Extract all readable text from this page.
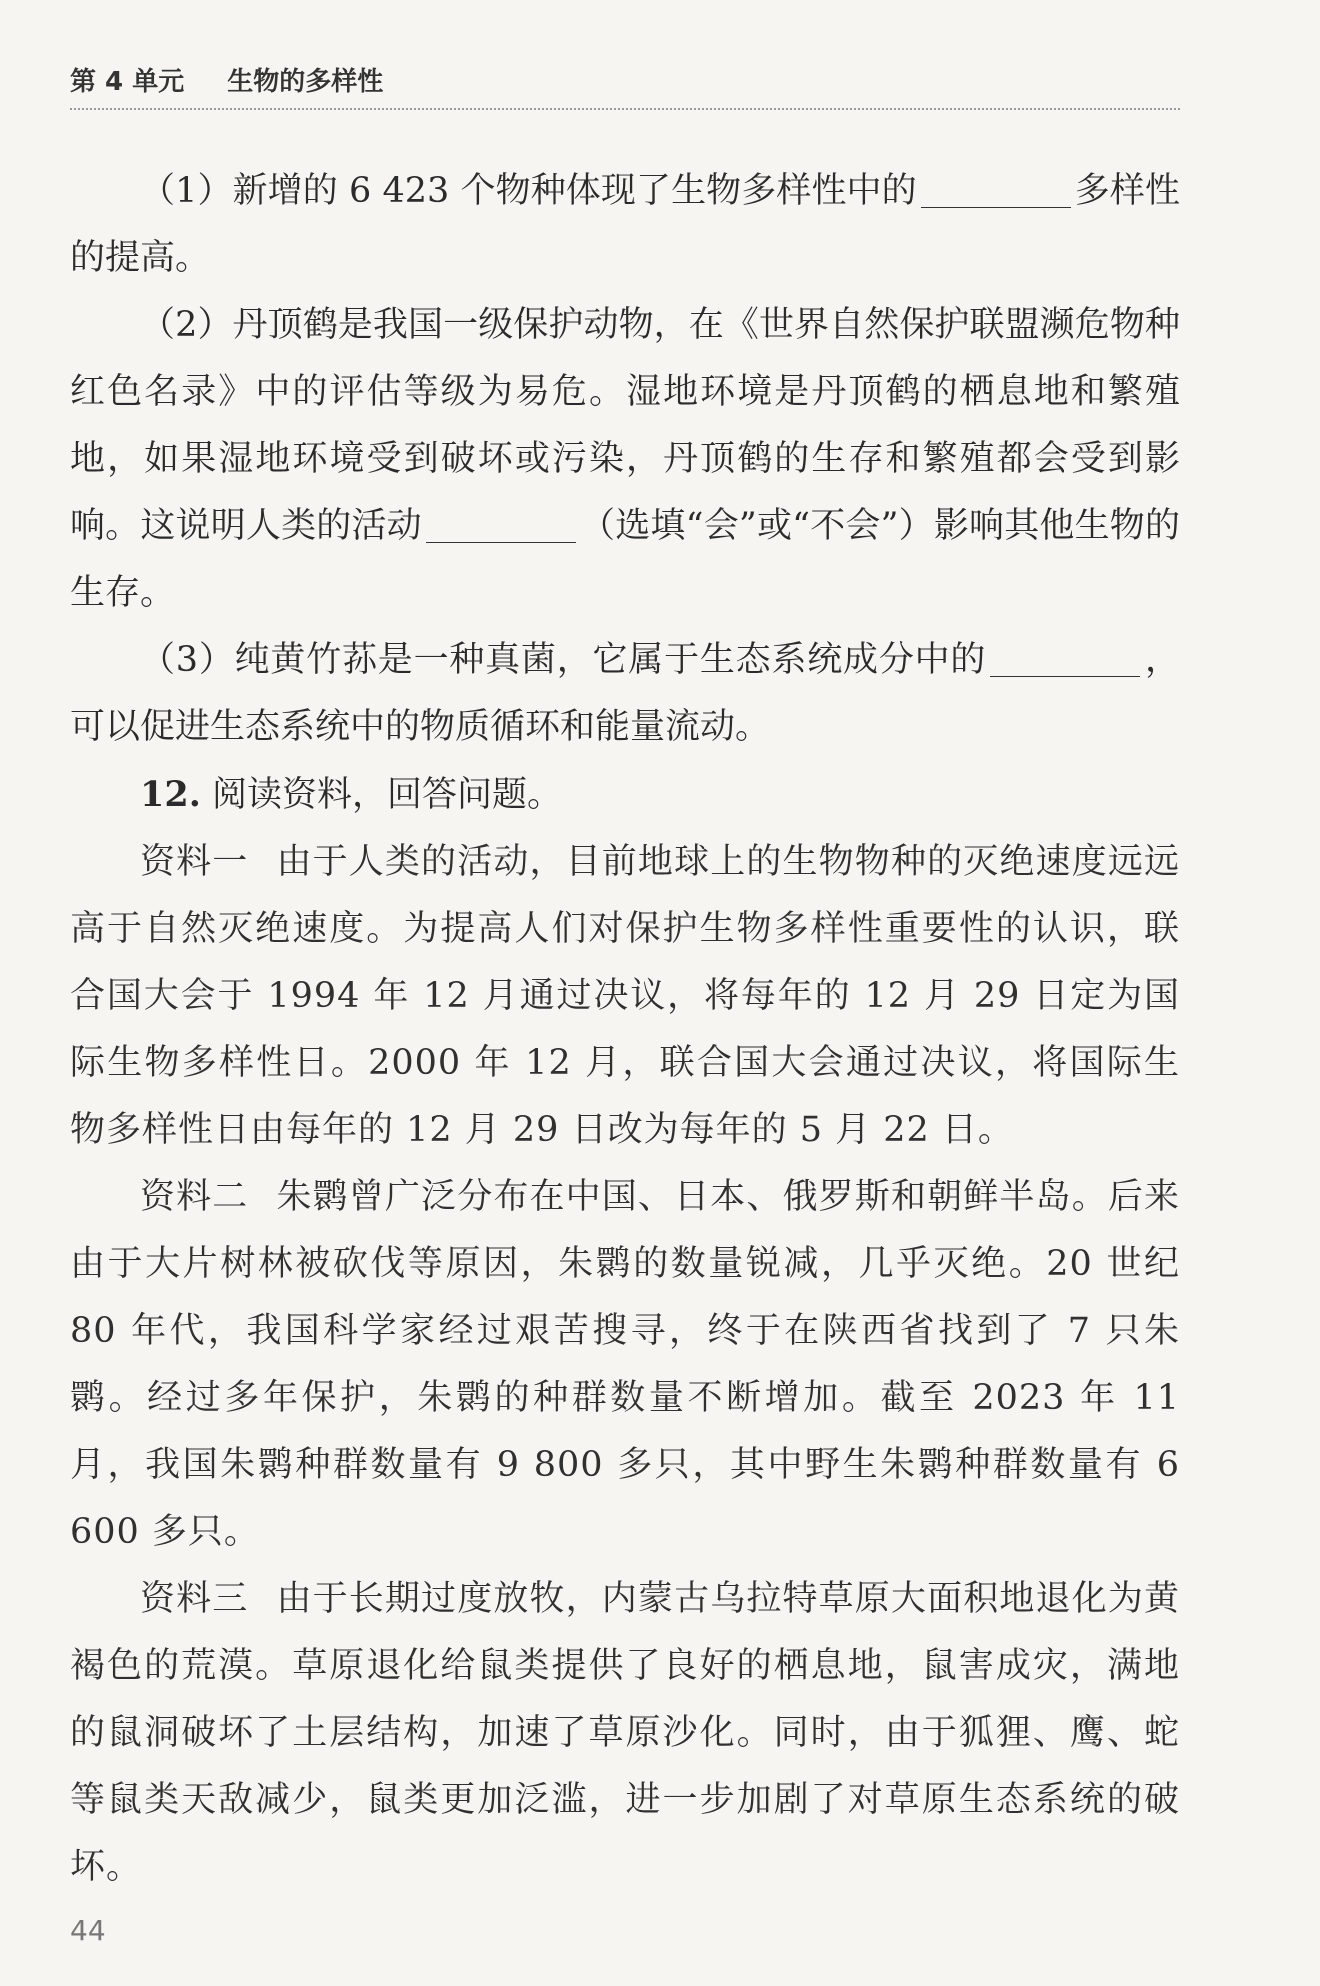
第 4 单元 生物的多样性

（1）新增的 6 423 个物种体现了生物多样性中的	多样性的提高。

（2）丹顶鹤是我国一级保护动物，在《世界自然保护联盟濒危物种红色名录》中的评估等级为易危。湿地环境是丹顶鹤的栖息地和繁殖地，如果湿地环境受到破坏或污染，丹顶鹤的生存和繁殖都会受到影响。这说明人类的活动	（选填“会”或“不会”）影响其他生物的生存。

（3）纯黄竹荪是一种真菌，它属于生态系统成分中的	，可以促进生态系统中的物质循环和能量流动。

12. 阅读资料，回答问题。

资料一 由于人类的活动，目前地球上的生物物种的灭绝速度远远高于自然灭绝速度。为提高人们对保护生物多样性重要性的认识，联合国大会于 1994 年 12 月通过决议，将每年的 12 月 29 日定为国际生物多样性日。2000 年 12 月，联合国大会通过决议，将国际生物多样性日由每年的 12 月 29 日改为每年的 5 月 22 日。

资料二 朱鹮曾广泛分布在中国、日本、俄罗斯和朝鲜半岛。后来由于大片树林被砍伐等原因，朱鹮的数量锐减，几乎灭绝。20 世纪 80 年代，我国科学家经过艰苦搜寻，终于在陕西省找到了 7 只朱鹮。经过多年保护，朱鹮的种群数量不断增加。截至 2023 年 11 月，我国朱鹮种群数量有 9 800 多只，其中野生朱鹮种群数量有 6 600 多只。

资料三 由于长期过度放牧，内蒙古乌拉特草原大面积地退化为黄褐色的荒漠。草原退化给鼠类提供了良好的栖息地，鼠害成灾，满地的鼠洞破坏了土层结构，加速了草原沙化。同时，由于狐狸、鹰、蛇等鼠类天敌减少，鼠类更加泛滥，进一步加剧了对草原生态系统的破坏。

44
